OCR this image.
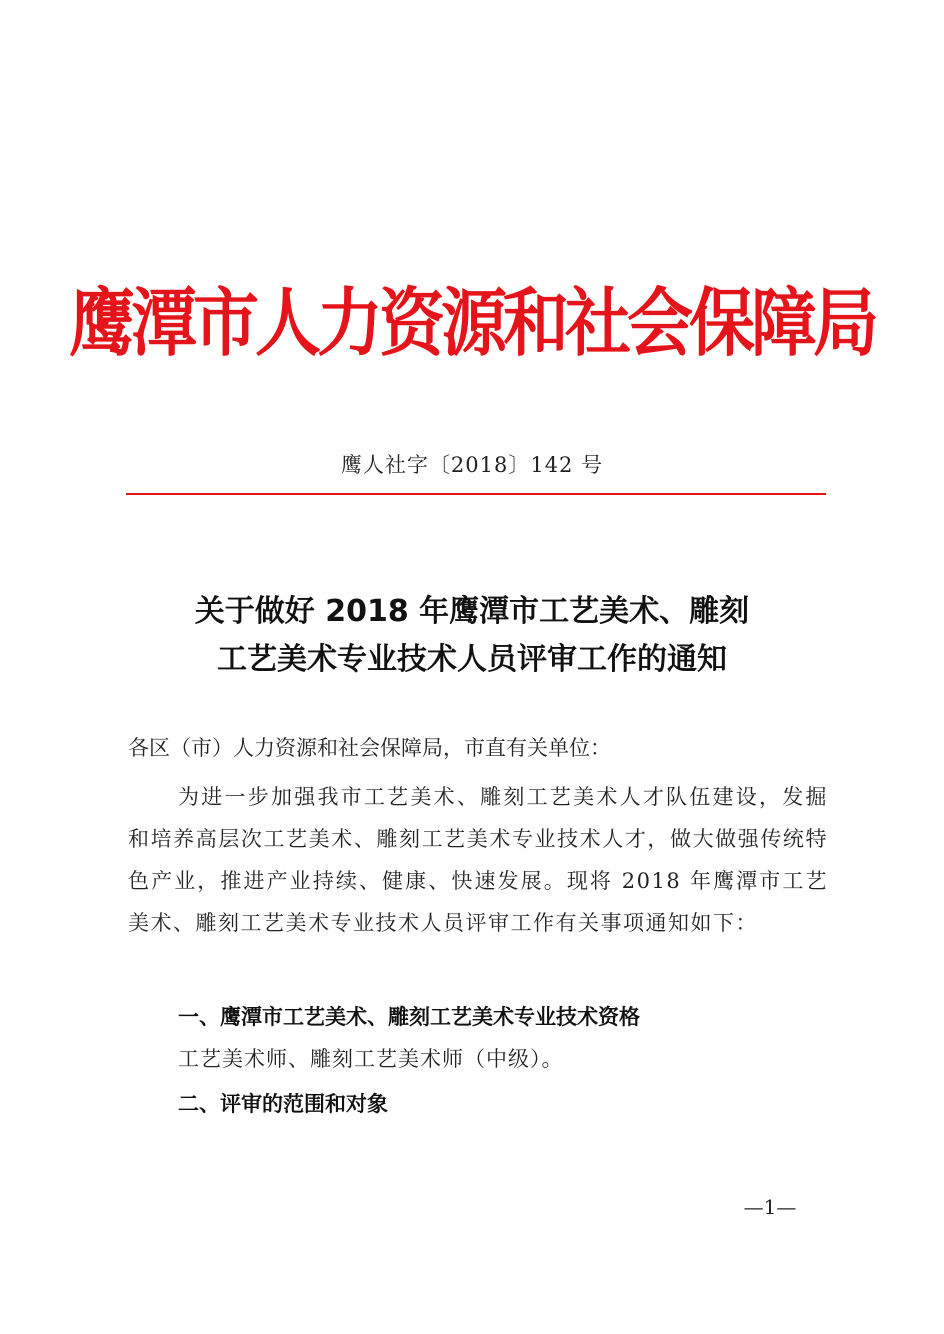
鹰潭市人力资源和社会保障局
鹰人社字〔2018〕142 号
关于做好 2018 年鹰潭市工艺美术、雕刻
工艺美术专业技术人员评审工作的通知
各区（市）人力资源和社会保障局，市直有关单位：
为进一步加强我市工艺美术、雕刻工艺美术人才队伍建设，发掘和培养高层次工艺美术、雕刻工艺美术专业技术人才，做大做强传统特色产业，推进产业持续、健康、快速发展。现将 2018 年鹰潭市工艺美术、雕刻工艺美术专业技术人员评审工作有关事项通知如下：
一、鹰潭市工艺美术、雕刻工艺美术专业技术资格
工艺美术师、雕刻工艺美术师（中级）。
二、评审的范围和对象
—1—
